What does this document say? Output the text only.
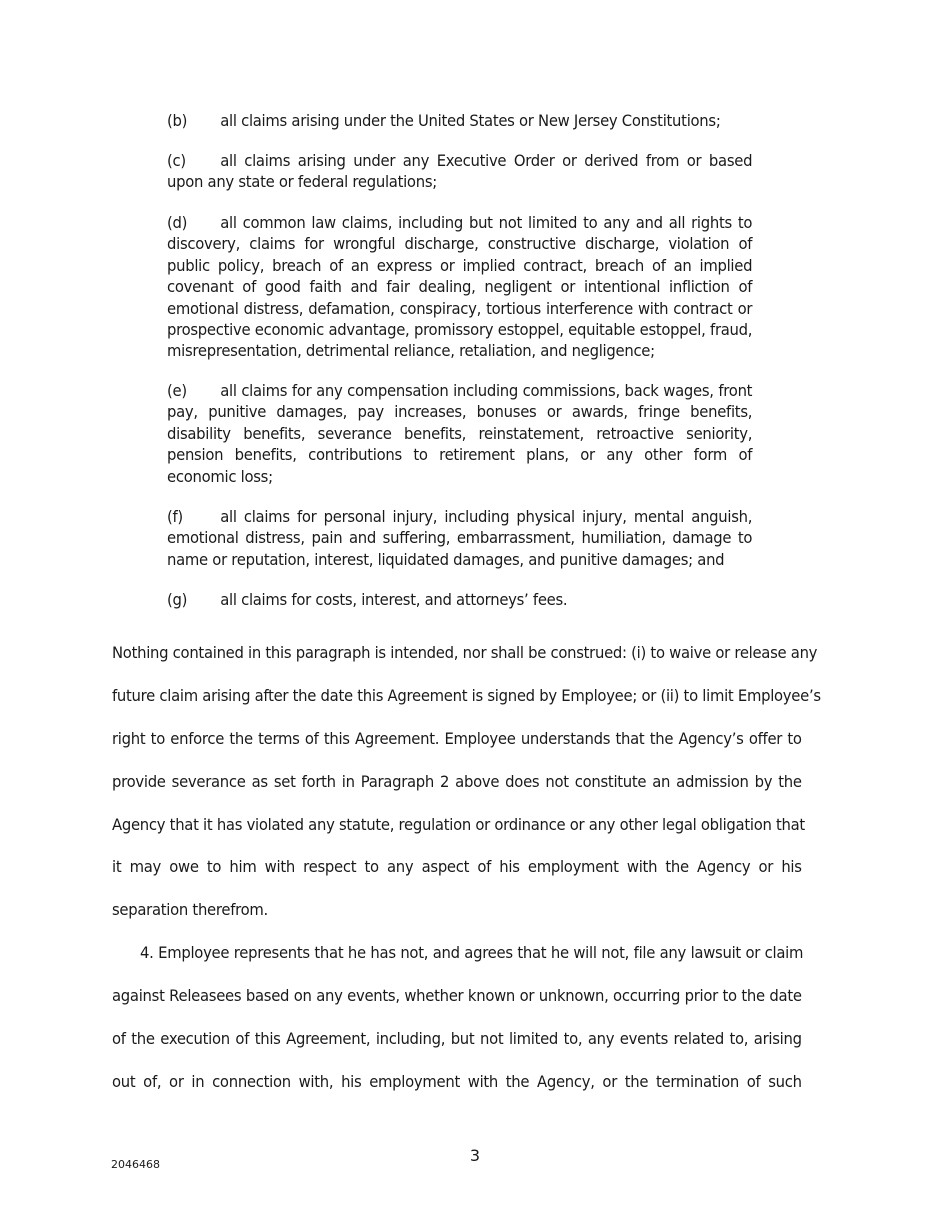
(b) all claims arising under the United States or New Jersey Constitutions;
(c) all claims arising under any Executive Order or derived from or based upon any state or federal regulations;
(d) all common law claims, including but not limited to any and all rights to discovery, claims for wrongful discharge, constructive discharge, violation of public policy, breach of an express or implied contract, breach of an implied covenant of good faith and fair dealing, negligent or intentional infliction of emotional distress, defamation, conspiracy, tortious interference with contract or prospective economic advantage, promissory estoppel, equitable estoppel, fraud, misrepresentation, detrimental reliance, retaliation, and negligence;
(e) all claims for any compensation including commissions, back wages, front pay, punitive damages, pay increases, bonuses or awards, fringe benefits, disability benefits, severance benefits, reinstatement, retroactive seniority, pension benefits, contributions to retirement plans, or any other form of economic loss;
(f) all claims for personal injury, including physical injury, mental anguish, emotional distress, pain and suffering, embarrassment, humiliation, damage to name or reputation, interest, liquidated damages, and punitive damages; and
(g) all claims for costs, interest, and attorneys’ fees.
Nothing contained in this paragraph is intended, nor shall be construed: (i) to waive or release any
future claim arising after the date this Agreement is signed by Employee; or (ii) to limit Employee’s
right to enforce the terms of this Agreement. Employee understands that the Agency’s offer to
provide severance as set forth in Paragraph 2 above does not constitute an admission by the
Agency that it has violated any statute, regulation or ordinance or any other legal obligation that
it may owe to him with respect to any aspect of his employment with the Agency or his
separation therefrom.
4. Employee represents that he has not, and agrees that he will not, file any lawsuit or claim
against Releasees based on any events, whether known or unknown, occurring prior to the date
of the execution of this Agreement, including, but not limited to, any events related to, arising
out of, or in connection with, his employment with the Agency, or the termination of such
3
2046468
